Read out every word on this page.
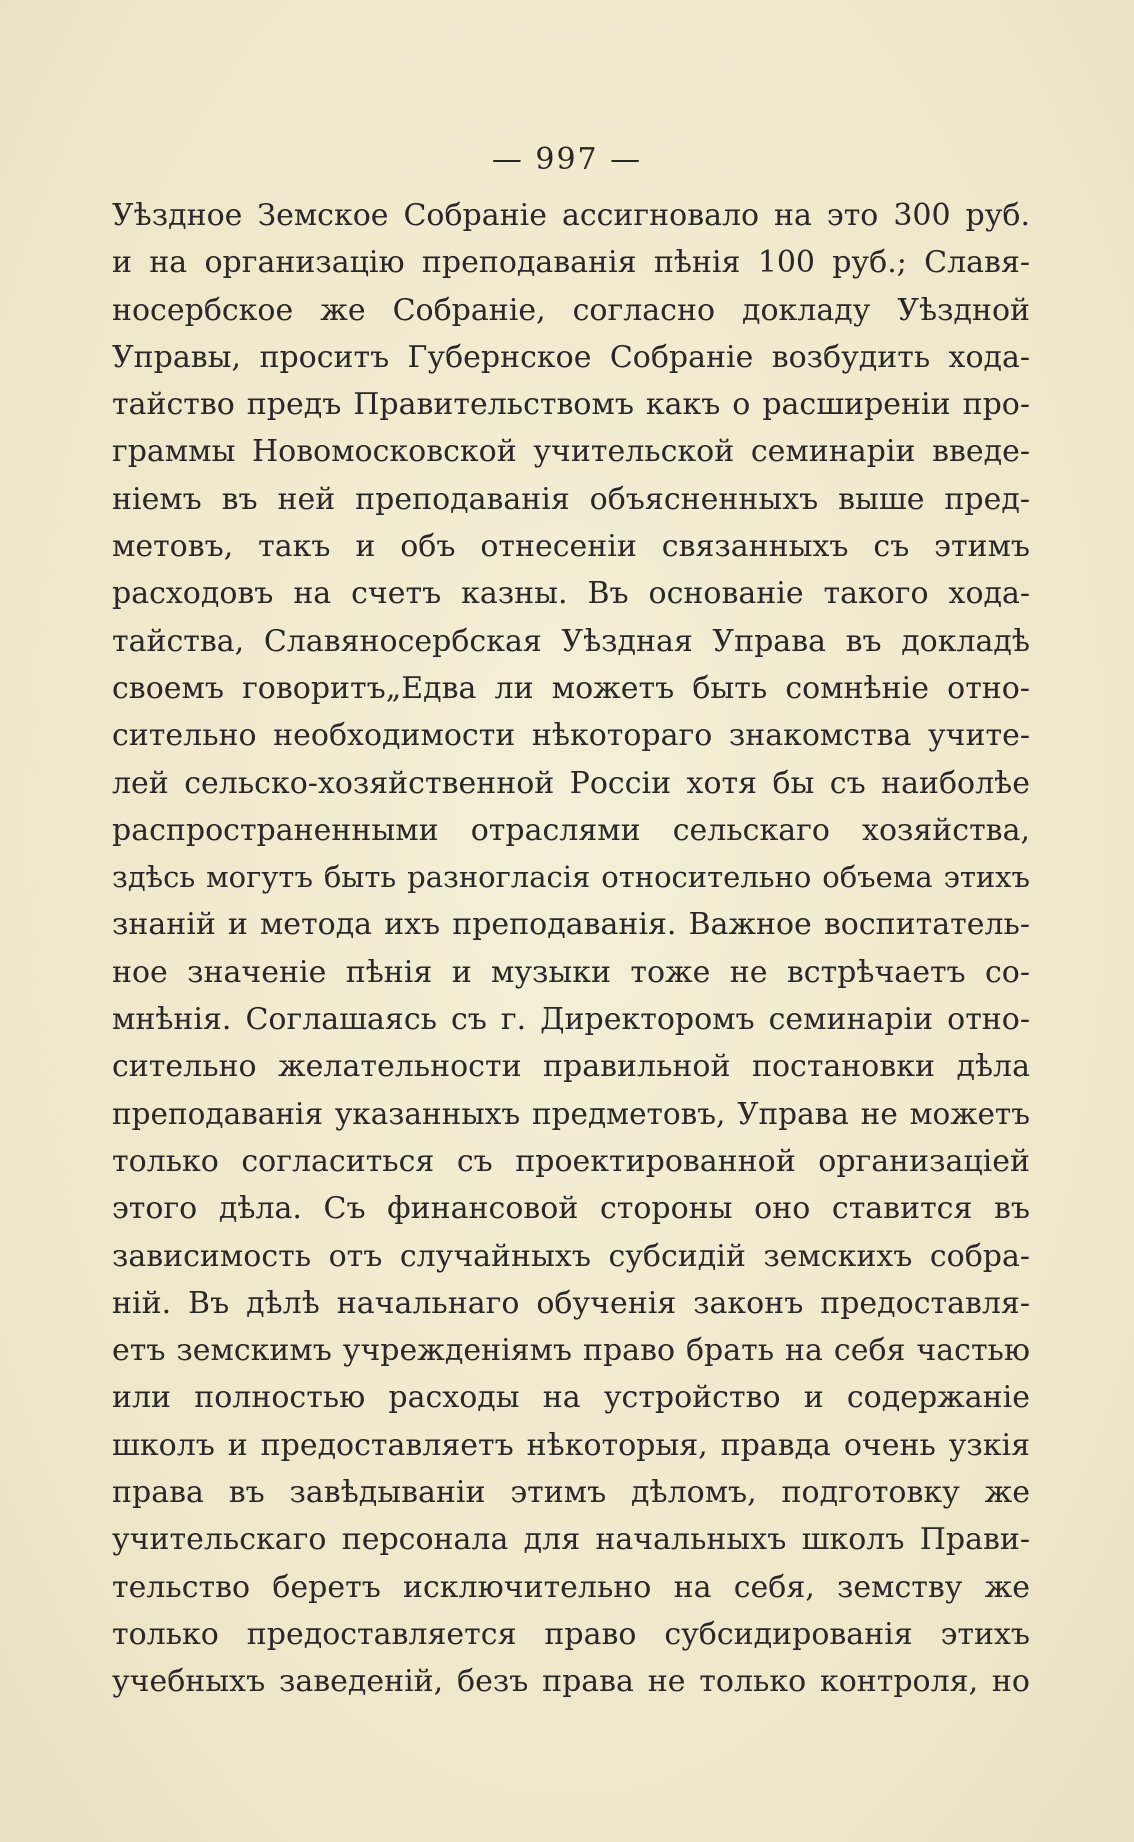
— 997 —
Уѣздное Земское Собраніе ассигновало на это 300 руб.
и на организацію преподаванія пѣнія 100 руб.; Славя-
носербское же Собраніе, согласно докладу Уѣздной
Управы, проситъ Губернское Собраніе возбудить хода-
тайство предъ Правительствомъ какъ о расширеніи про-
граммы Новомосковской учительской семинаріи введе-
ніемъ въ ней преподаванія объясненныхъ выше пред-
метовъ, такъ и объ отнесеніи связанныхъ съ этимъ
расходовъ на счетъ казны. Въ основаніе такого хода-
тайства, Славяносербская Уѣздная Управа въ докладѣ
своемъ говоритъ„Едва ли можетъ быть сомнѣніе отно-
сительно необходимости нѣкотораго знакомства учите-
лей сельско-хозяйственной Россіи хотя бы съ наиболѣе
распространенными отраслями сельскаго хозяйства,
здѣсь могутъ быть разногласія относительно объема этихъ
знаній и метода ихъ преподаванія. Важное воспитатель-
ное значеніе пѣнія и музыки тоже не встрѣчаетъ со-
мнѣнія. Соглашаясь съ г. Директоромъ семинаріи отно-
сительно желательности правильной постановки дѣла
преподаванія указанныхъ предметовъ, Управа не можетъ
только согласиться съ проектированной организаціей
этого дѣла. Съ финансовой стороны оно ставится въ
зависимость отъ случайныхъ субсидій земскихъ собра-
ній. Въ дѣлѣ начальнаго обученія законъ предоставля-
етъ земскимъ учрежденіямъ право брать на себя частью
или полностью расходы на устройство и содержаніе
школъ и предоставляетъ нѣкоторыя, правда очень узкія
права въ завѣдываніи этимъ дѣломъ, подготовку же
учительскаго персонала для начальныхъ школъ Прави-
тельство беретъ исключительно на себя, земству же
только предоставляется право субсидированія этихъ
учебныхъ заведеній, безъ права не только контроля, но
